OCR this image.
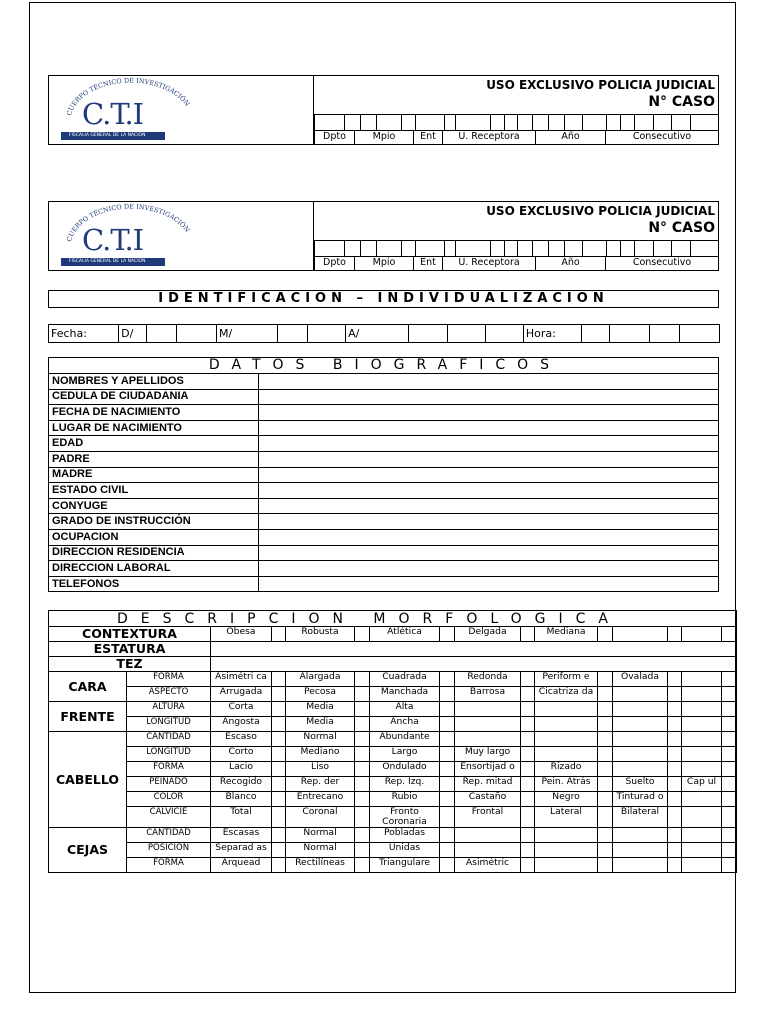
CUERPO TÉCNICO DE INVESTIGACIÓN
C.T.I
FISCALIA GENERAL DE LA NACION
USO EXCLUSIVO POLICIA JUDICIAL
N° CASO
Dpto	Mpio	Ent	U. Receptora	Año	Consecutivo
CUERPO TÉCNICO DE INVESTIGACIÓN
C.T.I
FISCALIA GENERAL DE LA NACION
USO EXCLUSIVO POLICIA JUDICIAL
N° CASO
Dpto	Mpio	Ent	U. Receptora	Año	Consecutivo
IDENTIFICACION – INDIVIDUALIZACION
Fecha:	D/			M/			A/				Hora:				
DATOS BIOGRAFICOS	
NOMBRES Y APELLIDOS	
CEDULA DE CIUDADANIA	
FECHA DE NACIMIENTO	
LUGAR DE NACIMIENTO	
EDAD	
PADRE	
MADRE	
ESTADO CIVIL	
CONYUGE	
GRADO DE INSTRUCCIÓN	
OCUPACION	
DIRECCION RESIDENCIA	
DIRECCION LABORAL	
TELEFONOS	
DESCRIPCION MORFOLOGICA															
CONTEXTURA		Obesa		Robusta		Atlética		Delgada		Mediana					
ESTATURA															
TEZ															
CARA	FORMA	Asimétri ca		Alargada		Cuadrada		Redonda		Periform e		Ovalada			
	ASPECTO	Arrugada		Pecosa		Manchada		Barrosa		Cicatriza da					
FRENTE	ALTURA	Corta		Media		Alta									
	LONGITUD	Angosta		Media		Ancha									
CABELLO	CANTIDAD	Escaso		Normal		Abundante									
	LONGITUD	Corto		Mediano		Largo		Muy largo							
	FORMA	Lacio		Liso		Ondulado		Ensortijad o		Rizado					
	PEINADO	Recogido		Rep. der		Rep. Izq.		Rep. mitad		Pein. Atrás		Suelto		Cap ul	
	COLOR	Blanco		Entrecano		Rubio		Castaño		Negro		Tinturad o			
	CALVICIE	Total		Coronal		Fronto Coronaria		Frontal		Lateral		Bilateral			
CEJAS	CANTIDAD	Escasas		Normal		Pobladas									
	POSICION	Separad as		Normal		Unidas									
	FORMA	Arquead		Rectilíneas		Triangulare		Asimétric							
